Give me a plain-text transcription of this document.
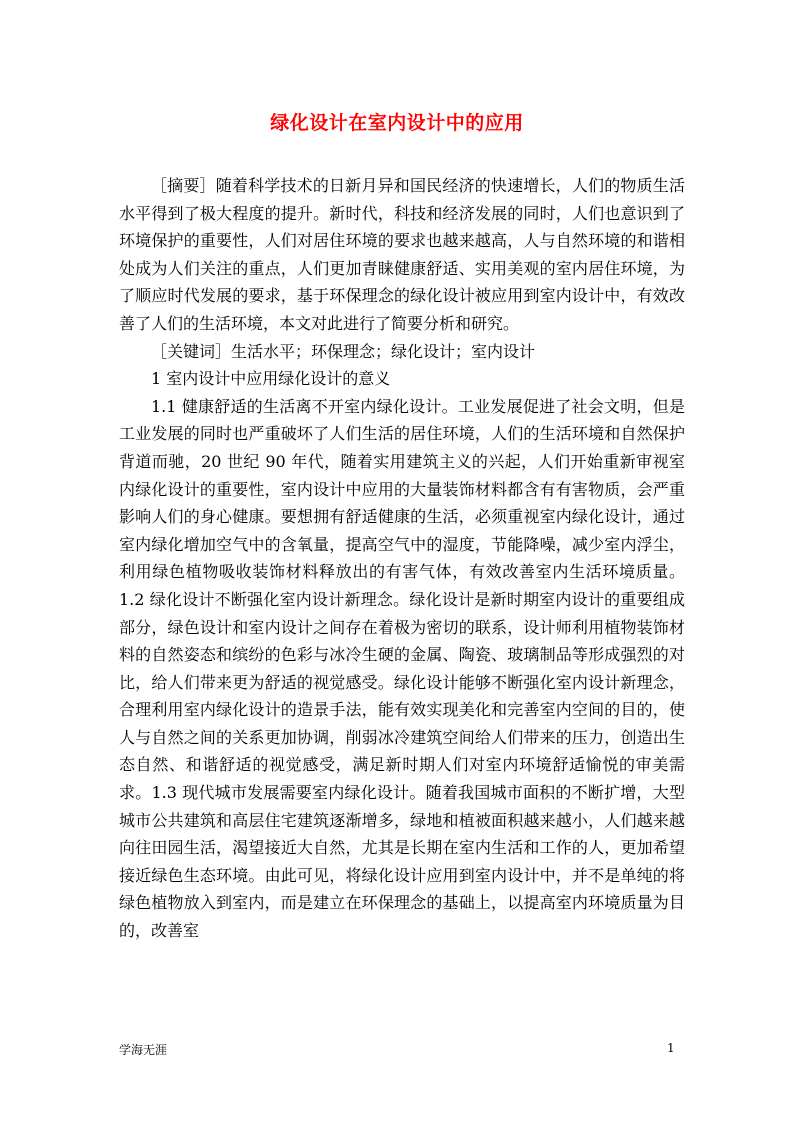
绿化设计在室内设计中的应用

［摘要］随着科学技术的日新月异和国民经济的快速增长，人们的物质生活水平得到了极大程度的提升。新时代，科技和经济发展的同时，人们也意识到了环境保护的重要性，人们对居住环境的要求也越来越高，人与自然环境的和谐相处成为人们关注的重点，人们更加青睐健康舒适、实用美观的室内居住环境，为了顺应时代发展的要求，基于环保理念的绿化设计被应用到室内设计中，有效改善了人们的生活环境，本文对此进行了简要分析和研究。

［关键词］生活水平；环保理念；绿化设计；室内设计

1 室内设计中应用绿化设计的意义

1.1 健康舒适的生活离不开室内绿化设计。工业发展促进了社会文明，但是工业发展的同时也严重破坏了人们生活的居住环境，人们的生活环境和自然保护背道而驰，20 世纪 90 年代，随着实用建筑主义的兴起，人们开始重新审视室内绿化设计的重要性，室内设计中应用的大量装饰材料都含有有害物质，会严重影响人们的身心健康。要想拥有舒适健康的生活，必须重视室内绿化设计，通过室内绿化增加空气中的含氧量，提高空气中的湿度，节能降噪，减少室内浮尘，利用绿色植物吸收装饰材料释放出的有害气体，有效改善室内生活环境质量。1.2 绿化设计不断强化室内设计新理念。绿化设计是新时期室内设计的重要组成部分，绿色设计和室内设计之间存在着极为密切的联系，设计师利用植物装饰材料的自然姿态和缤纷的色彩与冰冷生硬的金属、陶瓷、玻璃制品等形成强烈的对比，给人们带来更为舒适的视觉感受。绿化设计能够不断强化室内设计新理念，合理利用室内绿化设计的造景手法，能有效实现美化和完善室内空间的目的，使人与自然之间的关系更加协调，削弱冰冷建筑空间给人们带来的压力，创造出生态自然、和谐舒适的视觉感受，满足新时期人们对室内环境舒适愉悦的审美需求。1.3 现代城市发展需要室内绿化设计。随着我国城市面积的不断扩增，大型城市公共建筑和高层住宅建筑逐渐增多，绿地和植被面积越来越小，人们越来越向往田园生活，渴望接近大自然，尤其是长期在室内生活和工作的人，更加希望接近绿色生态环境。由此可见，将绿化设计应用到室内设计中，并不是单纯的将绿色植物放入到室内，而是建立在环保理念的基础上，以提高室内环境质量为目的，改善室

学海无涯	1
